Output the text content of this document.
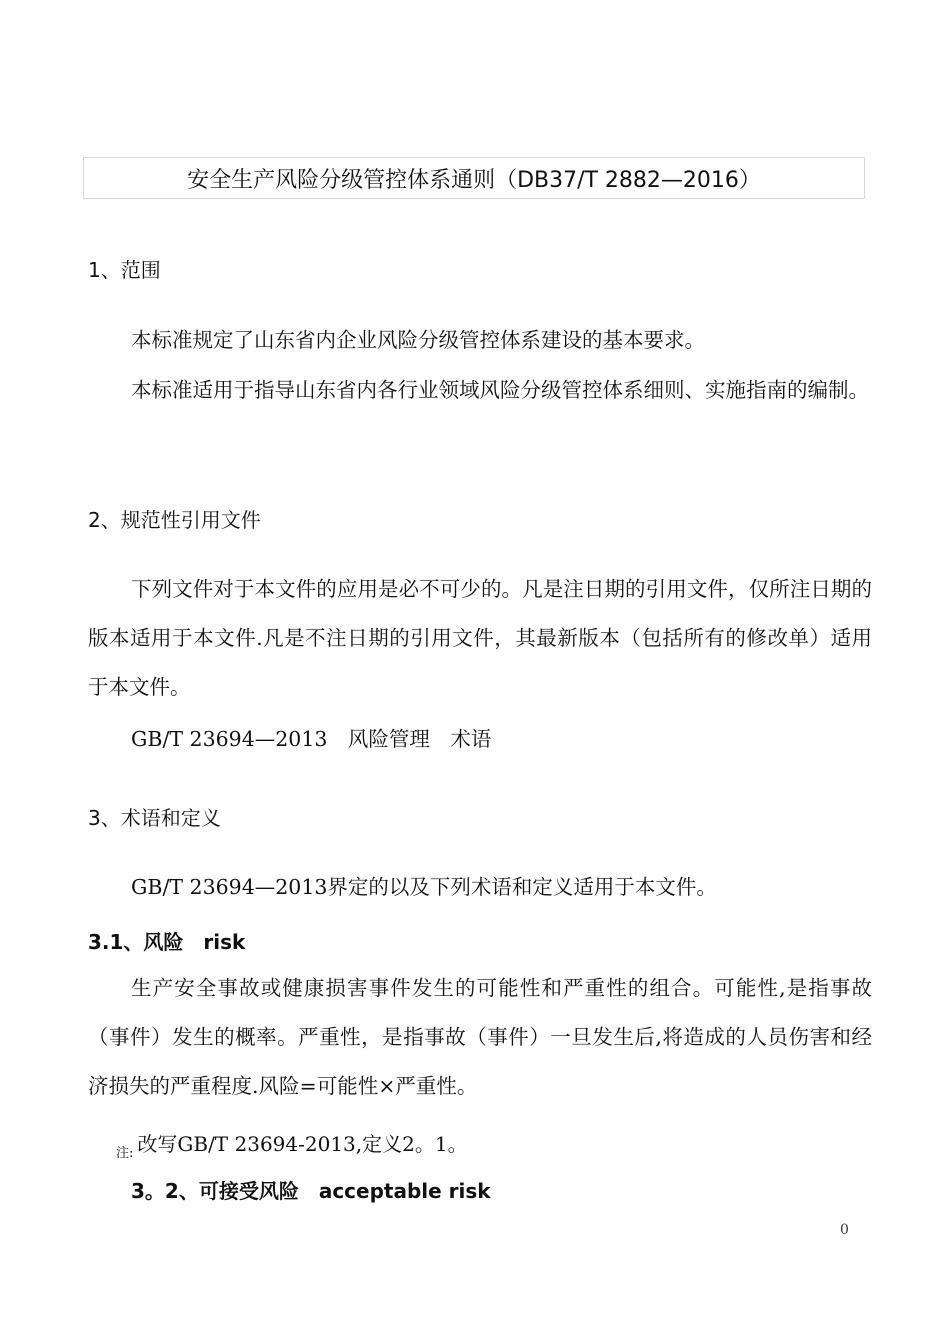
安全生产风险分级管控体系通则（DB37/T 2882—2016）
1、范围

本标准规定了山东省内企业风险分级管控体系建设的基本要求。

本标准适用于指导山东省内各行业领域风险分级管控体系细则、实施指南的编制。

2、规范性引用文件

下列文件对于本文件的应用是必不可少的。凡是注日期的引用文件，仅所注日期的版本适用于本文件.凡是不注日期的引用文件，其最新版本（包括所有的修改单）适用于本文件。

GB/T 23694—2013　风险管理　术语

3、术语和定义

GB/T 23694—2013界定的以及下列术语和定义适用于本文件。

3.1、风险　risk

生产安全事故或健康损害事件发生的可能性和严重性的组合。可能性,是指事故（事件）发生的概率。严重性，是指事故（事件）一旦发生后,将造成的人员伤害和经济损失的严重程度.风险=可能性×严重性。

$_{注:}$ 改写GB/T 23694-2013,定义2。1。
3。2、可接受风险　acceptable risk
0
